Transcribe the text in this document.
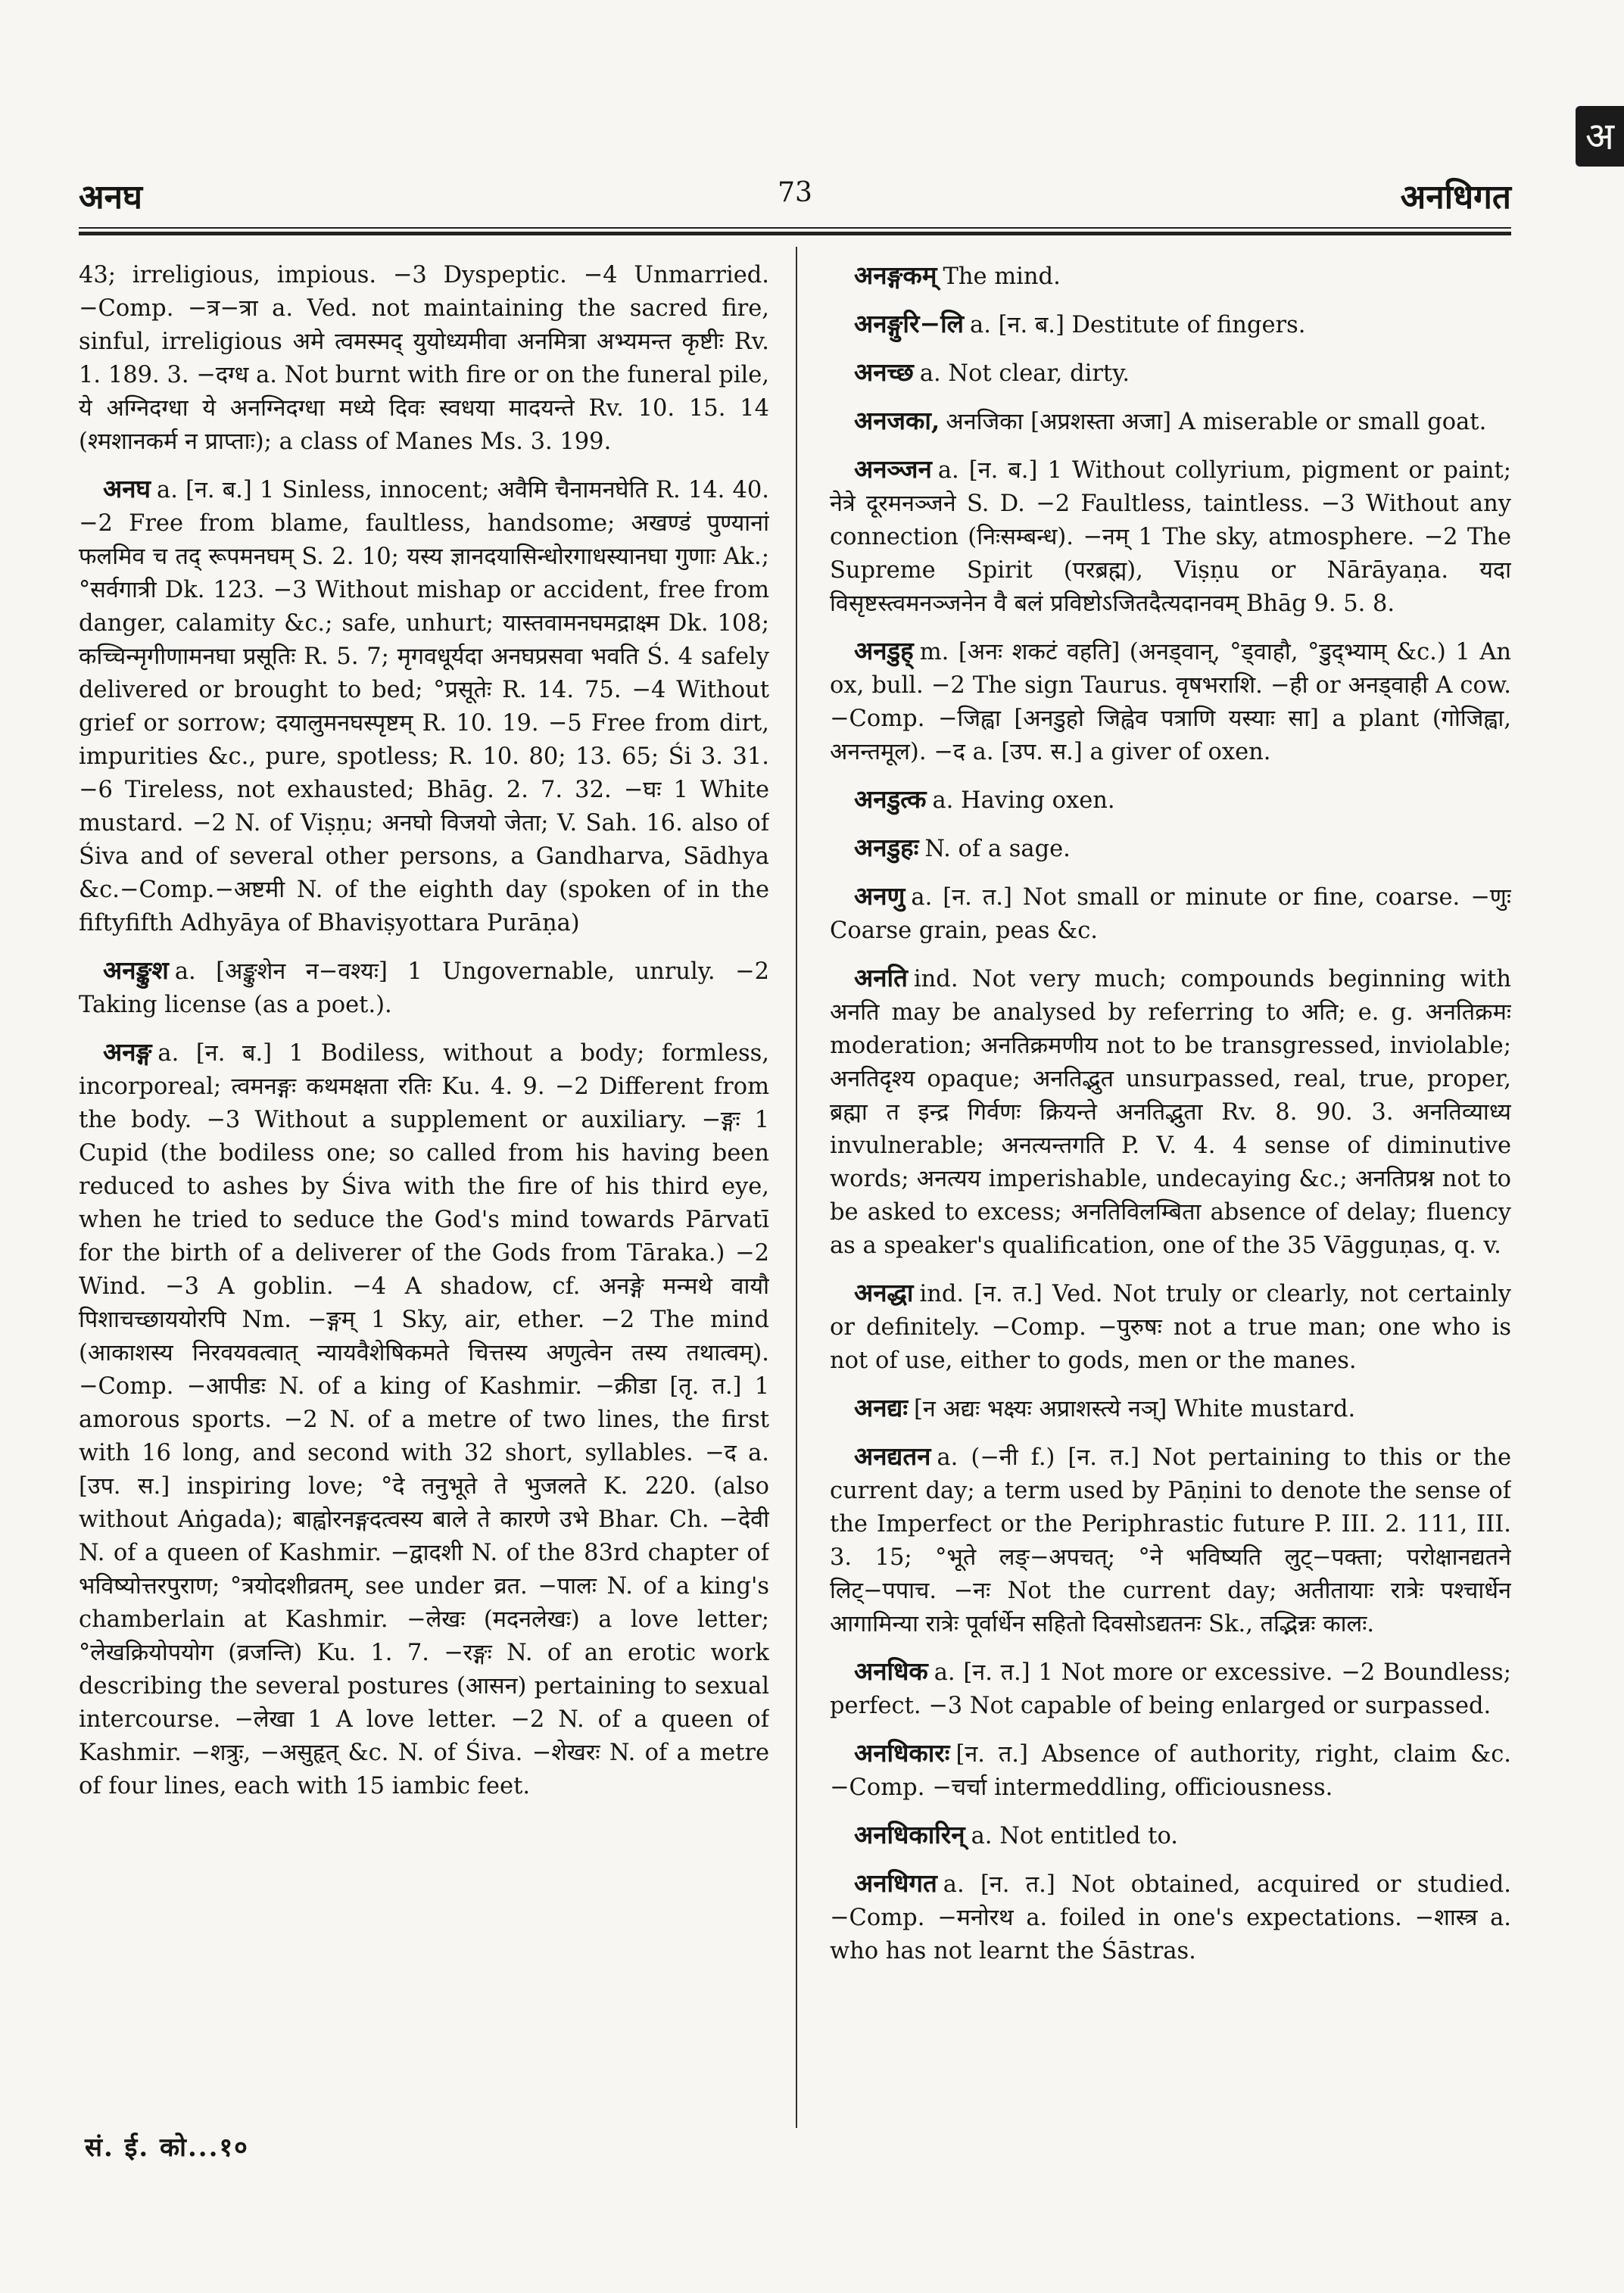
अ
अनघ	73	अनधिगत

43; irreligious, impious. −3 Dyspeptic. −4 Unmarried. −Comp. −त्र−त्रा a. Ved. not maintaining the sacred fire, sinful, irreligious अमे त्वमस्मद् युयोध्यमीवा अनमित्रा अभ्यमन्त कृष्टीः Rv. 1. 189. 3. −दग्ध a. Not burnt with fire or on the funeral pile, ये अग्निदग्धा ये अनग्निदग्धा मध्ये दिवः स्वधया मादयन्ते Rv. 10. 15. 14 (श्मशानकर्म न प्राप्ताः); a class of Manes Ms. 3. 199.

अनघ a. [न. ब.] 1 Sinless, innocent; अवैमि चैनामनघेति R. 14. 40. −2 Free from blame, faultless, handsome; अखण्डं पुण्यानां फलमिव च तद् रूपमनघम् S. 2. 10; यस्य ज्ञानदयासिन्धोरगाधस्यानघा गुणाः Ak.; °सर्वगात्री Dk. 123. −3 Without mishap or accident, free from danger, calamity &c.; safe, unhurt; यास्तवामनघमद्राक्ष्म Dk. 108; कच्चिन्मृगीणामनघा प्रसूतिः R. 5. 7; मृगवधूर्यदा अनघप्रसवा भवति Ś. 4 safely delivered or brought to bed; °प्रसूतेः R. 14. 75. −4 Without grief or sorrow; दयालुमनघस्पृष्टम् R. 10. 19. −5 Free from dirt, impurities &c., pure, spotless; R. 10. 80; 13. 65; Śi 3. 31. −6 Tireless, not exhausted; Bhāg. 2. 7. 32. −घः 1 White mustard. −2 N. of Viṣṇu; अनघो विजयो जेता; V. Sah. 16. also of Śiva and of several other persons, a Gandharva, Sādhya &c.−Comp.−अष्टमी N. of the eighth day (spoken of in the fiftyfifth Adhyāya of Bhaviṣyottara Purāṇa)

अनङ्कुश a. [अङ्कुशेन न−वश्यः] 1 Ungovernable, unruly. −2 Taking license (as a poet.).

अनङ्ग a. [न. ब.] 1 Bodiless, without a body; formless, incorporeal; त्वमनङ्गः कथमक्षता रतिः Ku. 4. 9. −2 Different from the body. −3 Without a supplement or auxiliary. −ङ्गः 1 Cupid (the bodiless one; so called from his having been reduced to ashes by Śiva with the fire of his third eye, when he tried to seduce the God's mind towards Pārvatī for the birth of a deliverer of the Gods from Tāraka.) −2 Wind. −3 A goblin. −4 A shadow, cf. अनङ्गे मन्मथे वायौ पिशाचच्छाययोरपि Nm. −ङ्गम् 1 Sky, air, ether. −2 The mind (आकाशस्य निरवयवत्वात् न्यायवैशेषिकमते चित्तस्य अणुत्वेन तस्य तथात्वम्). −Comp. −आपीडः N. of a king of Kashmir. −क्रीडा [तृ. त.] 1 amorous sports. −2 N. of a metre of two lines, the first with 16 long, and second with 32 short, syllables. −द a. [उप. स.] inspiring love; °दे तनुभूते ते भुजलते K. 220. (also without Aṅgada); बाह्वोरनङ्गदत्वस्य बाले ते कारणे उभे Bhar. Ch. −देवी N. of a queen of Kashmir. −द्वादशी N. of the 83rd chapter of भविष्योत्तरपुराण; °त्रयोदशीव्रतम्, see under व्रत. −पालः N. of a king's chamberlain at Kashmir. −लेखः (मदनलेखः) a love letter; °लेखक्रियोपयोग (व्रजन्ति) Ku. 1. 7. −रङ्गः N. of an erotic work describing the several postures (आसन) pertaining to sexual intercourse. −लेखा 1 A love letter. −2 N. of a queen of Kashmir. −शत्रुः, −असुहृत् &c. N. of Śiva. −शेखरः N. of a metre of four lines, each with 15 iambic feet.

अनङ्गकम् The mind.

अनङ्गुरि−लि a. [न. ब.] Destitute of fingers.

अनच्छ a. Not clear, dirty.

अनजका, अनजिका [अप्रशस्ता अजा] A miserable or small goat.

अनञ्जन a. [न. ब.] 1 Without collyrium, pigment or paint; नेत्रे दूरमनञ्जने S. D. −2 Faultless, taintless. −3 Without any connection (निःसम्बन्ध). −नम् 1 The sky, atmosphere. −2 The Supreme Spirit (परब्रह्म), Viṣṇu or Nārāyaṇa. यदा विसृष्टस्त्वमनञ्जनेन वै बलं प्रविष्टोऽजितदैत्यदानवम् Bhāg 9. 5. 8.

अनडुह् m. [अनः शकटं वहति] (अनड्वान्, °ड्वाहौ, °डुद्भ्याम् &c.) 1 An ox, bull. −2 The sign Taurus. वृषभराशि. −ही or अनड्वाही A cow. −Comp. −जिह्वा [अनडुहो जिह्वेव पत्राणि यस्याः सा] a plant (गोजिह्वा, अनन्तमूल). −द a. [उप. स.] a giver of oxen.

अनडुत्क a. Having oxen.

अनडुहः N. of a sage.

अनणु a. [न. त.] Not small or minute or fine, coarse. −णुः Coarse grain, peas &c.

अनति ind. Not very much; compounds beginning with अनति may be analysed by referring to अति; e. g. अनतिक्रमः moderation; अनतिक्रमणीय not to be transgressed, inviolable; अनतिदृश्य opaque; अनतिद्भुत unsurpassed, real, true, proper, ब्रह्मा त इन्द्र गिर्वणः क्रियन्ते अनतिद्भुता Rv. 8. 90. 3. अनतिव्याध्य invulnerable; अनत्यन्तगति P. V. 4. 4 sense of diminutive words; अनत्यय imperishable, undecaying &c.; अनतिप्रश्न not to be asked to excess; अनतिविलम्बिता absence of delay; fluency as a speaker's qualification, one of the 35 Vāgguṇas, q. v.

अनद्धा ind. [न. त.] Ved. Not truly or clearly, not certainly or definitely. −Comp. −पुरुषः not a true man; one who is not of use, either to gods, men or the manes.

अनद्यः [न अद्यः भक्ष्यः अप्राशस्त्ये नञ्] White mustard.

अनद्यतन a. (−नी f.) [न. त.] Not pertaining to this or the current day; a term used by Pāṇini to denote the sense of the Imperfect or the Periphrastic future P. III. 2. 111, III. 3. 15; °भूते लङ्−अपचत्; °ने भविष्यति लुट्−पक्ता; परोक्षानद्यतने लिट्−पपाच. −नः Not the current day; अतीतायाः रात्रेः पश्चार्धेन आगामिन्या रात्रेः पूर्वार्धेन सहितो दिवसोऽद्यतनः Sk., तद्भिन्नः कालः.

अनधिक a. [न. त.] 1 Not more or excessive. −2 Boundless; perfect. −3 Not capable of being enlarged or surpassed.

अनधिकारः [न. त.] Absence of authority, right, claim &c. −Comp. −चर्चा intermeddling, officiousness.

अनधिकारिन् a. Not entitled to.

अनधिगत a. [न. त.] Not obtained, acquired or studied. −Comp. −मनोरथ a. foiled in one's expectations. −शास्त्र a. who has not learnt the Śāstras.

सं. ई. को...१०
